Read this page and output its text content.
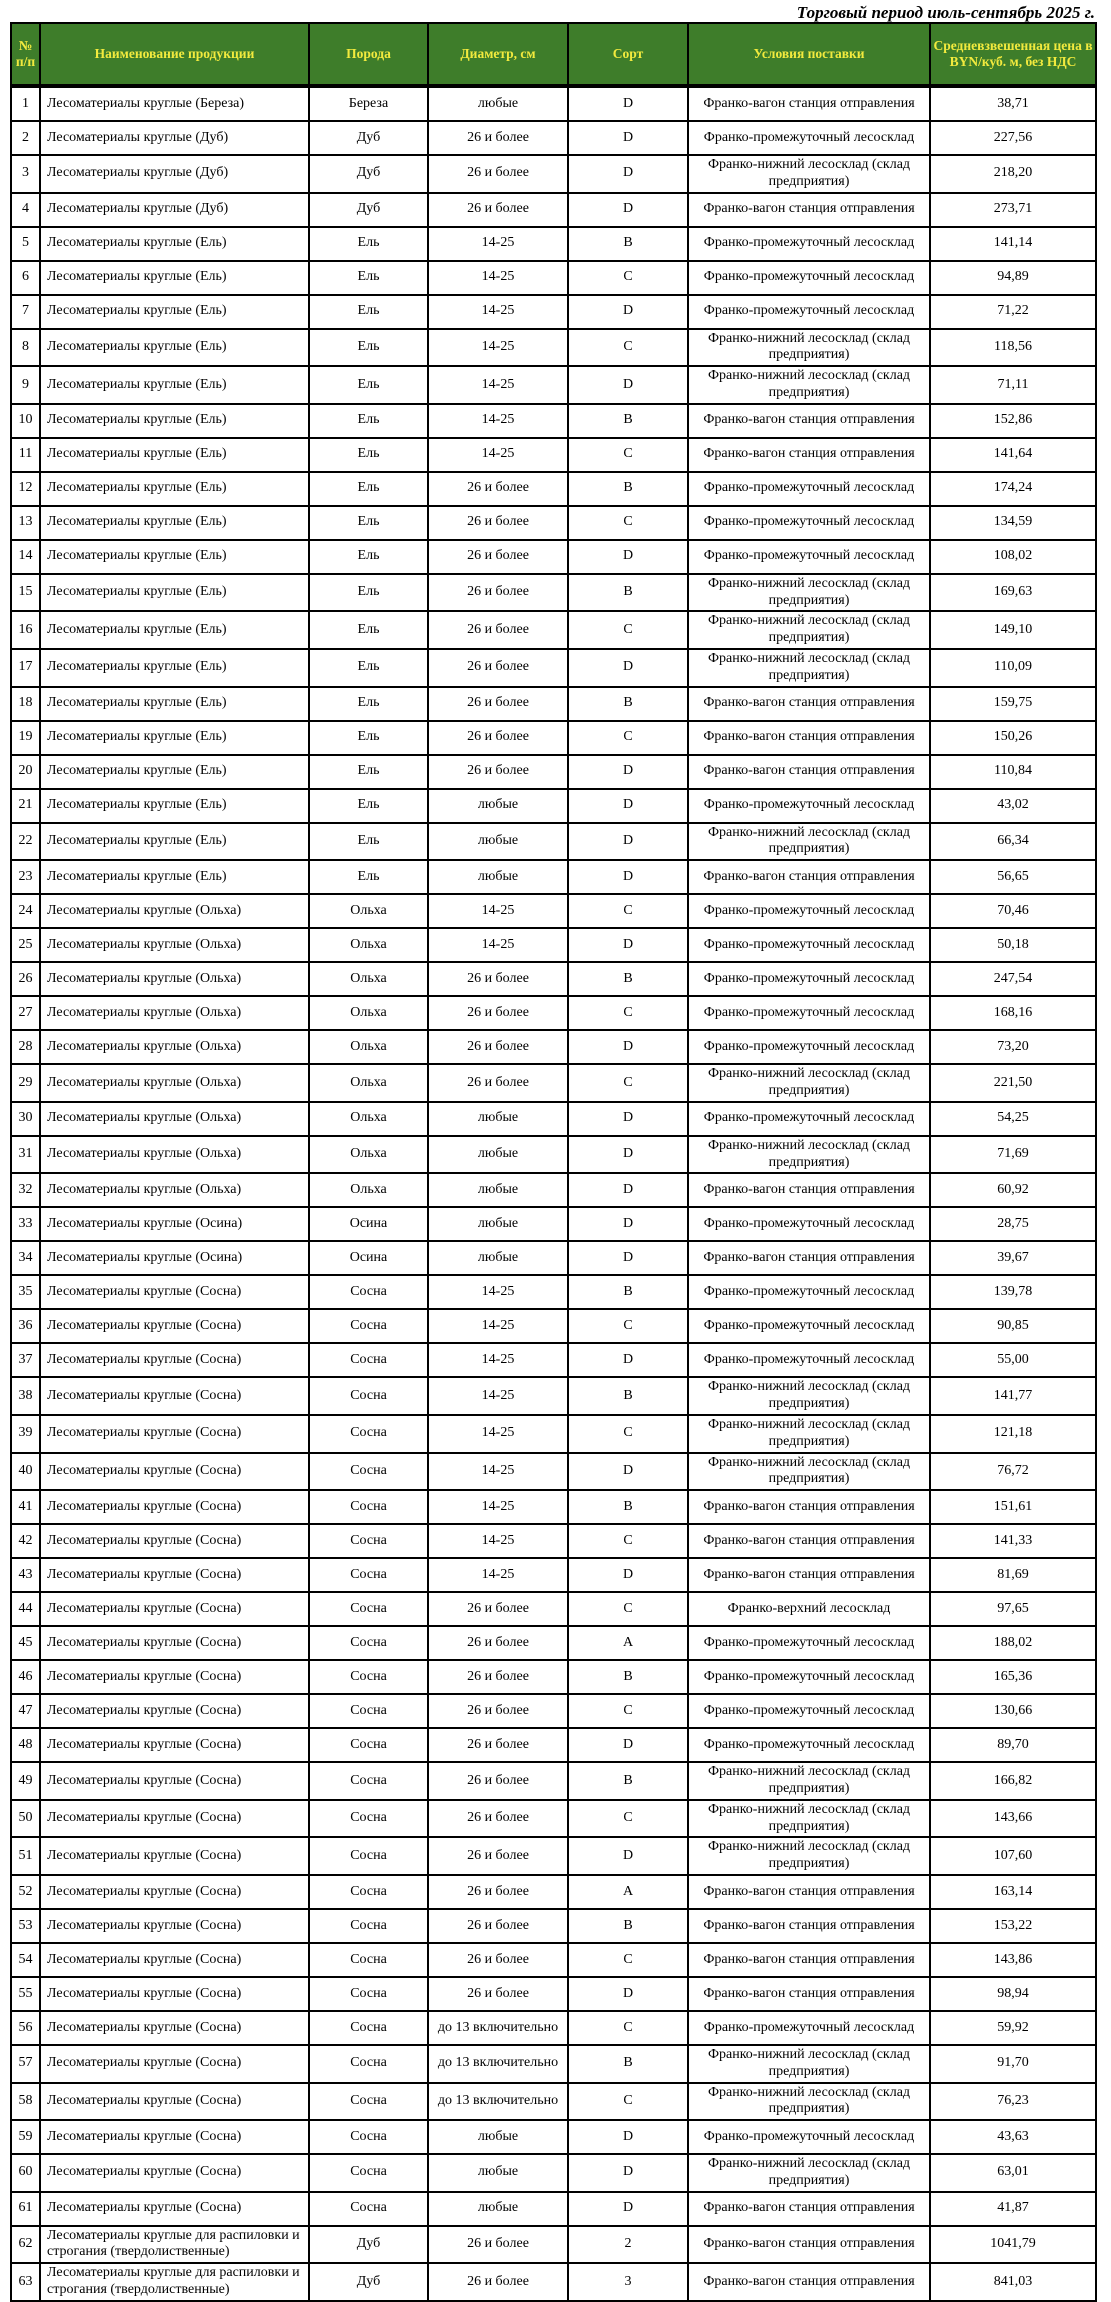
Торговый период июль-сентябрь 2025 г.
№ п/п	Наименование продукции	Порода	Диаметр, см	Сорт	Условия поставки	Средневзвешенная цена в BYN/куб. м, без НДС
1	Лесоматериалы круглые (Береза)	Береза	любые	D	Франко-вагон станция отправления	38,71
2	Лесоматериалы круглые (Дуб)	Дуб	26 и более	D	Франко-промежуточный лесосклад	227,56
3	Лесоматериалы круглые (Дуб)	Дуб	26 и более	D	Франко-нижний лесосклад (склад предприятия)	218,20
4	Лесоматериалы круглые (Дуб)	Дуб	26 и более	D	Франко-вагон станция отправления	273,71
5	Лесоматериалы круглые (Ель)	Ель	14-25	B	Франко-промежуточный лесосклад	141,14
6	Лесоматериалы круглые (Ель)	Ель	14-25	C	Франко-промежуточный лесосклад	94,89
7	Лесоматериалы круглые (Ель)	Ель	14-25	D	Франко-промежуточный лесосклад	71,22
8	Лесоматериалы круглые (Ель)	Ель	14-25	C	Франко-нижний лесосклад (склад предприятия)	118,56
9	Лесоматериалы круглые (Ель)	Ель	14-25	D	Франко-нижний лесосклад (склад предприятия)	71,11
10	Лесоматериалы круглые (Ель)	Ель	14-25	B	Франко-вагон станция отправления	152,86
11	Лесоматериалы круглые (Ель)	Ель	14-25	C	Франко-вагон станция отправления	141,64
12	Лесоматериалы круглые (Ель)	Ель	26 и более	B	Франко-промежуточный лесосклад	174,24
13	Лесоматериалы круглые (Ель)	Ель	26 и более	C	Франко-промежуточный лесосклад	134,59
14	Лесоматериалы круглые (Ель)	Ель	26 и более	D	Франко-промежуточный лесосклад	108,02
15	Лесоматериалы круглые (Ель)	Ель	26 и более	B	Франко-нижний лесосклад (склад предприятия)	169,63
16	Лесоматериалы круглые (Ель)	Ель	26 и более	C	Франко-нижний лесосклад (склад предприятия)	149,10
17	Лесоматериалы круглые (Ель)	Ель	26 и более	D	Франко-нижний лесосклад (склад предприятия)	110,09
18	Лесоматериалы круглые (Ель)	Ель	26 и более	B	Франко-вагон станция отправления	159,75
19	Лесоматериалы круглые (Ель)	Ель	26 и более	C	Франко-вагон станция отправления	150,26
20	Лесоматериалы круглые (Ель)	Ель	26 и более	D	Франко-вагон станция отправления	110,84
21	Лесоматериалы круглые (Ель)	Ель	любые	D	Франко-промежуточный лесосклад	43,02
22	Лесоматериалы круглые (Ель)	Ель	любые	D	Франко-нижний лесосклад (склад предприятия)	66,34
23	Лесоматериалы круглые (Ель)	Ель	любые	D	Франко-вагон станция отправления	56,65
24	Лесоматериалы круглые (Ольха)	Ольха	14-25	C	Франко-промежуточный лесосклад	70,46
25	Лесоматериалы круглые (Ольха)	Ольха	14-25	D	Франко-промежуточный лесосклад	50,18
26	Лесоматериалы круглые (Ольха)	Ольха	26 и более	B	Франко-промежуточный лесосклад	247,54
27	Лесоматериалы круглые (Ольха)	Ольха	26 и более	C	Франко-промежуточный лесосклад	168,16
28	Лесоматериалы круглые (Ольха)	Ольха	26 и более	D	Франко-промежуточный лесосклад	73,20
29	Лесоматериалы круглые (Ольха)	Ольха	26 и более	C	Франко-нижний лесосклад (склад предприятия)	221,50
30	Лесоматериалы круглые (Ольха)	Ольха	любые	D	Франко-промежуточный лесосклад	54,25
31	Лесоматериалы круглые (Ольха)	Ольха	любые	D	Франко-нижний лесосклад (склад предприятия)	71,69
32	Лесоматериалы круглые (Ольха)	Ольха	любые	D	Франко-вагон станция отправления	60,92
33	Лесоматериалы круглые (Осина)	Осина	любые	D	Франко-промежуточный лесосклад	28,75
34	Лесоматериалы круглые (Осина)	Осина	любые	D	Франко-вагон станция отправления	39,67
35	Лесоматериалы круглые (Сосна)	Сосна	14-25	B	Франко-промежуточный лесосклад	139,78
36	Лесоматериалы круглые (Сосна)	Сосна	14-25	C	Франко-промежуточный лесосклад	90,85
37	Лесоматериалы круглые (Сосна)	Сосна	14-25	D	Франко-промежуточный лесосклад	55,00
38	Лесоматериалы круглые (Сосна)	Сосна	14-25	B	Франко-нижний лесосклад (склад предприятия)	141,77
39	Лесоматериалы круглые (Сосна)	Сосна	14-25	C	Франко-нижний лесосклад (склад предприятия)	121,18
40	Лесоматериалы круглые (Сосна)	Сосна	14-25	D	Франко-нижний лесосклад (склад предприятия)	76,72
41	Лесоматериалы круглые (Сосна)	Сосна	14-25	B	Франко-вагон станция отправления	151,61
42	Лесоматериалы круглые (Сосна)	Сосна	14-25	C	Франко-вагон станция отправления	141,33
43	Лесоматериалы круглые (Сосна)	Сосна	14-25	D	Франко-вагон станция отправления	81,69
44	Лесоматериалы круглые (Сосна)	Сосна	26 и более	C	Франко-верхний лесосклад	97,65
45	Лесоматериалы круглые (Сосна)	Сосна	26 и более	A	Франко-промежуточный лесосклад	188,02
46	Лесоматериалы круглые (Сосна)	Сосна	26 и более	B	Франко-промежуточный лесосклад	165,36
47	Лесоматериалы круглые (Сосна)	Сосна	26 и более	C	Франко-промежуточный лесосклад	130,66
48	Лесоматериалы круглые (Сосна)	Сосна	26 и более	D	Франко-промежуточный лесосклад	89,70
49	Лесоматериалы круглые (Сосна)	Сосна	26 и более	B	Франко-нижний лесосклад (склад предприятия)	166,82
50	Лесоматериалы круглые (Сосна)	Сосна	26 и более	C	Франко-нижний лесосклад (склад предприятия)	143,66
51	Лесоматериалы круглые (Сосна)	Сосна	26 и более	D	Франко-нижний лесосклад (склад предприятия)	107,60
52	Лесоматериалы круглые (Сосна)	Сосна	26 и более	A	Франко-вагон станция отправления	163,14
53	Лесоматериалы круглые (Сосна)	Сосна	26 и более	B	Франко-вагон станция отправления	153,22
54	Лесоматериалы круглые (Сосна)	Сосна	26 и более	C	Франко-вагон станция отправления	143,86
55	Лесоматериалы круглые (Сосна)	Сосна	26 и более	D	Франко-вагон станция отправления	98,94
56	Лесоматериалы круглые (Сосна)	Сосна	до 13 включительно	C	Франко-промежуточный лесосклад	59,92
57	Лесоматериалы круглые (Сосна)	Сосна	до 13 включительно	B	Франко-нижний лесосклад (склад предприятия)	91,70
58	Лесоматериалы круглые (Сосна)	Сосна	до 13 включительно	C	Франко-нижний лесосклад (склад предприятия)	76,23
59	Лесоматериалы круглые (Сосна)	Сосна	любые	D	Франко-промежуточный лесосклад	43,63
60	Лесоматериалы круглые (Сосна)	Сосна	любые	D	Франко-нижний лесосклад (склад предприятия)	63,01
61	Лесоматериалы круглые (Сосна)	Сосна	любые	D	Франко-вагон станция отправления	41,87
62	Лесоматериалы круглые для распиловки и строгания (твердолиственные)	Дуб	26 и более	2	Франко-вагон станция отправления	1041,79
63	Лесоматериалы круглые для распиловки и строгания (твердолиственные)	Дуб	26 и более	3	Франко-вагон станция отправления	841,03
